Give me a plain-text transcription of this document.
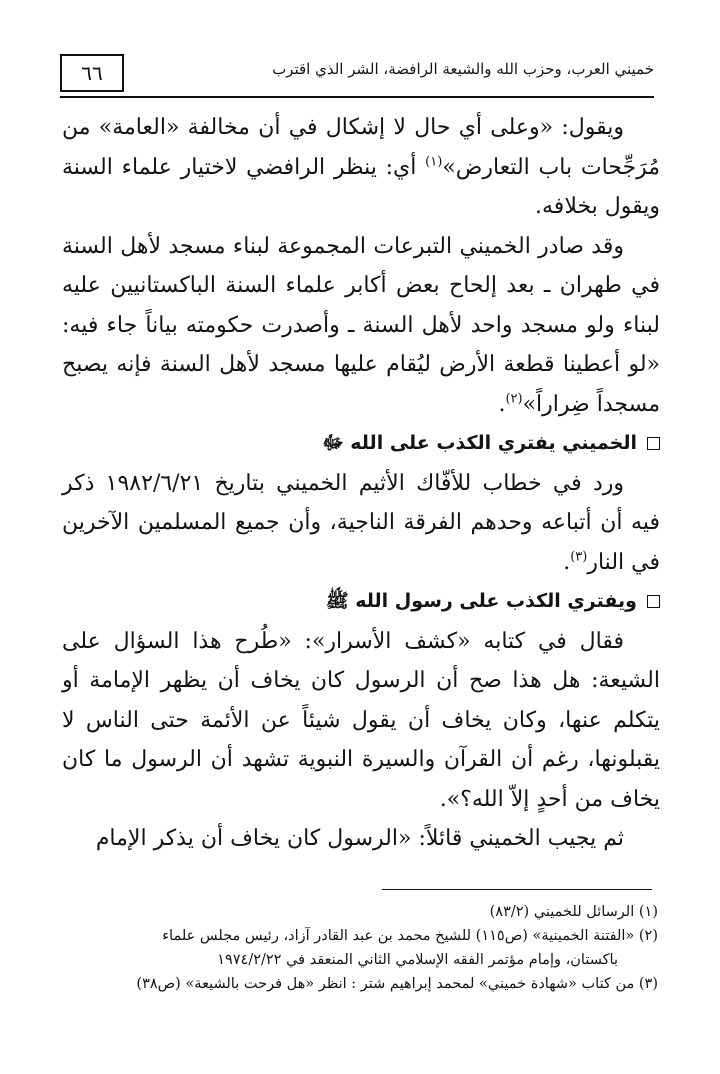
خميني العرب، وحزب الله والشيعة الرافضة، الشر الذي اقترب
٦٦

ويقول: «وعلى أي حال لا إشكال في أن مخالفة «العامة» من مُرَجِّحات باب التعارض»$^{(١)}$ أي: ينظر الرافضي لاختيار علماء السنة ويقول بخلافه.

وقد صادر الخميني التبرعات المجموعة لبناء مسجد لأهل السنة في طهران ـ بعد إلحاح بعض أكابر علماء السنة الباكستانيين عليه لبناء ولو مسجد واحد لأهل السنة ـ وأصدرت حكومته بياناً جاء فيه: «لو أعطينا قطعة الأرض ليُقام عليها مسجد لأهل السنة فإنه يصبح مسجداً ضِراراً»$^{(٢)}$.

الخميني يفتري الكذب على الله ﷻ

ورد في خطاب للأفّاك الأثيم الخميني بتاريخ ١٩٨٢/٦/٢١ ذكر فيه أن أتباعه وحدهم الفرقة الناجية، وأن جميع المسلمين الآخرين في النار$^{(٣)}$.

ويفتري الكذب على رسول الله ﷺ

فقال في كتابه «كشف الأسرار»: «طُرح هذا السؤال على الشيعة: هل هذا صح أن الرسول كان يخاف أن يظهر الإمامة أو يتكلم عنها، وكان يخاف أن يقول شيئاً عن الأئمة حتى الناس لا يقبلونها، رغم أن القرآن والسيرة النبوية تشهد أن الرسول ما كان يخاف من أحدٍ إلاّ الله؟».

ثم يجيب الخميني قائلاً: «الرسول كان يخاف أن يذكر الإمام

(١) الرسائل للخميني (٨٣/٢)

(٢) «الفتنة الخمينية» (ص١١٥) للشيخ محمد بن عبد القادر آزاد، رئيس مجلس علماء

باكستان، وإمام مؤتمر الفقه الإسلامي الثاني المنعقد في ١٩٧٤/٢/٢٢

(٣) من كتاب «شهادة خميني» لمحمد إبراهيم شتر : انظر «هل فرحت بالشيعة» (ص٣٨)
